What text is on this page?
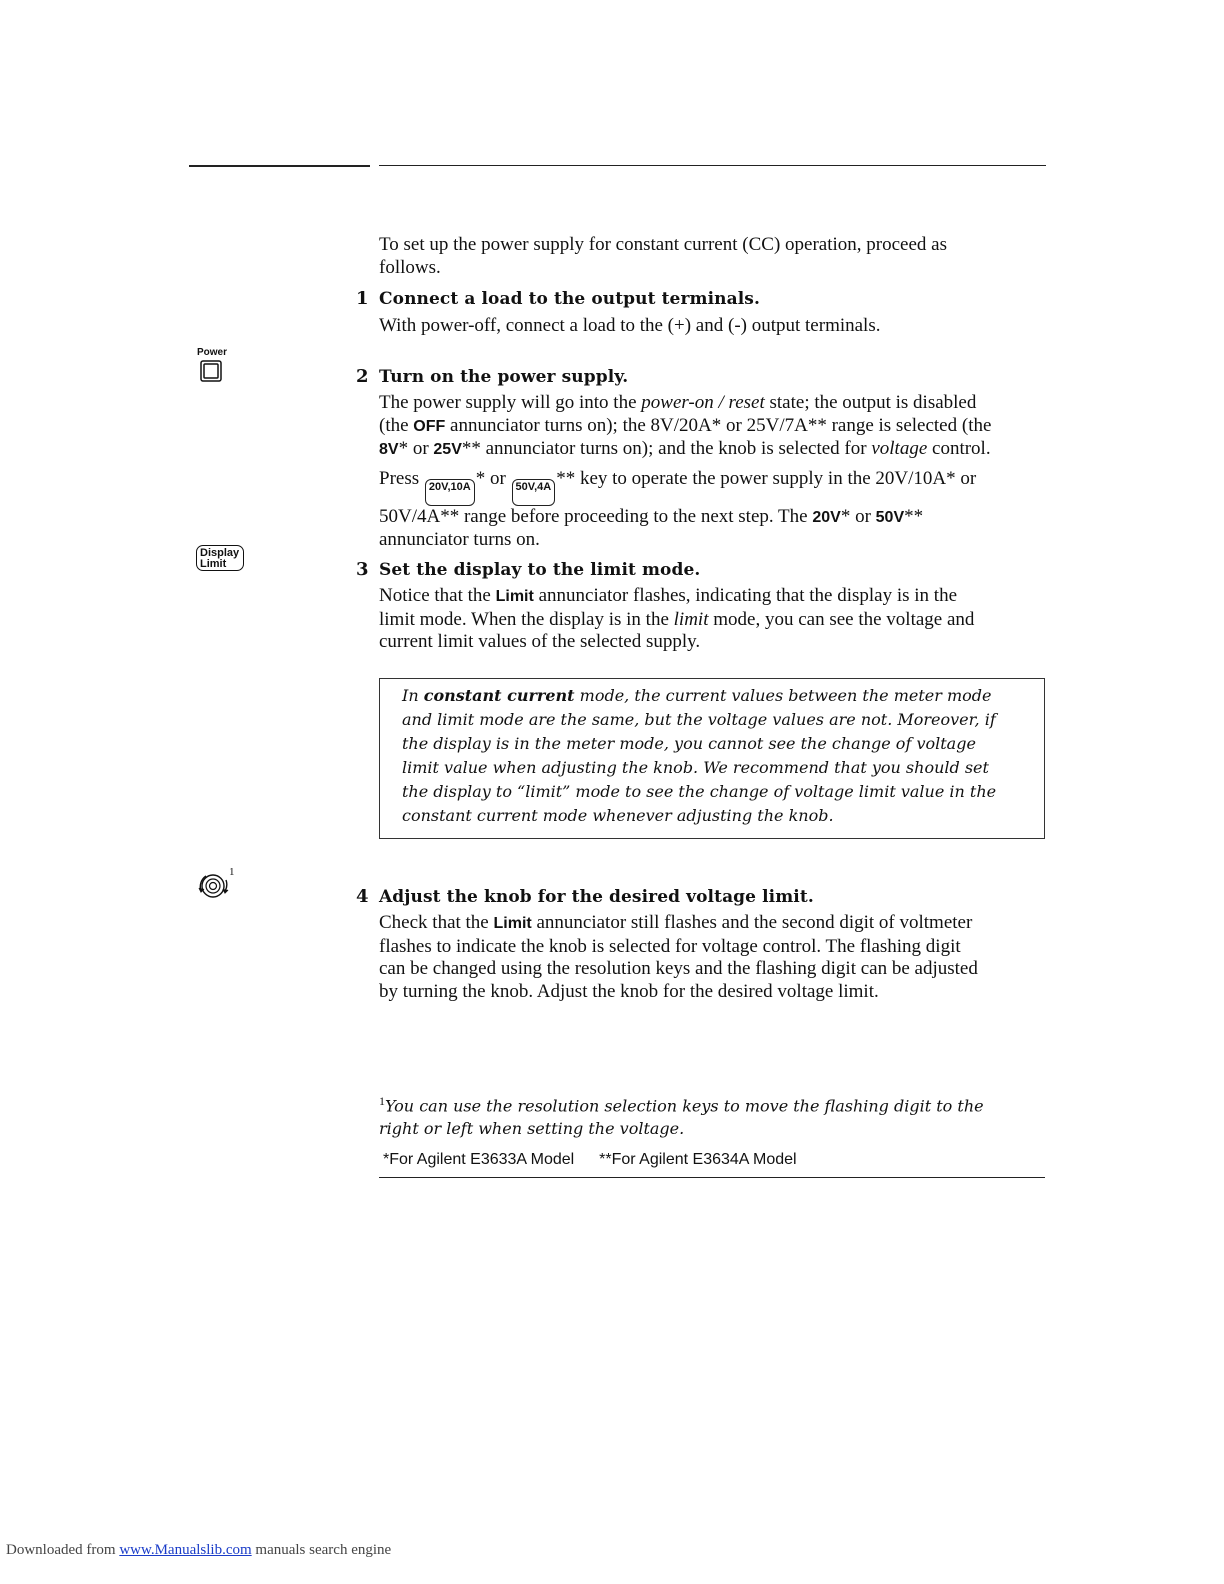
To set up the power supply for constant current (CC) operation, proceed as
follows.
1 Connect a load to the output terminals.
With power-off, connect a load to the (+) and (-) output terminals.
Power
2 Turn on the power supply.
The power supply will go into the power-on / reset state; the output is disabled
(the OFF annunciator turns on); the 8V/20A* or 25V/7A** range is selected (the
8V* or 25V** annunciator turns on); and the knob is selected for voltage control.
Press 20V,10A * or 50V,4A ** key to operate the power supply in the 20V/10A* or
50V/4A** range before proceeding to the next step. The 20V* or 50V**
annunciator turns on.
Display
Limit	3 Set the display to the limit mode.
Notice that the Limit annunciator flashes, indicating that the display is in the
limit mode. When the display is in the limit mode, you can see the voltage and
current limit values of the selected supply.
In constant current mode, the current values between the meter mode
and limit mode are the same, but the voltage values are not. Moreover, if
the display is in the meter mode, you cannot see the change of voltage
limit value when adjusting the knob. We recommend that you should set
the display to “limit” mode to see the change of voltage limit value in the
constant current mode whenever adjusting the knob.
1
4 Adjust the knob for the desired voltage limit.
Check that the Limit annunciator still flashes and the second digit of voltmeter
flashes to indicate the knob is selected for voltage control. The flashing digit
can be changed using the resolution keys and the flashing digit can be adjusted
by turning the knob. Adjust the knob for the desired voltage limit.
$^1$You can use the resolution selection keys to move the flashing digit to the
right or left when setting the voltage.
*For Agilent E3633A Model **For Agilent E3634A Model
Downloaded from www.Manualslib.com manuals search engine
